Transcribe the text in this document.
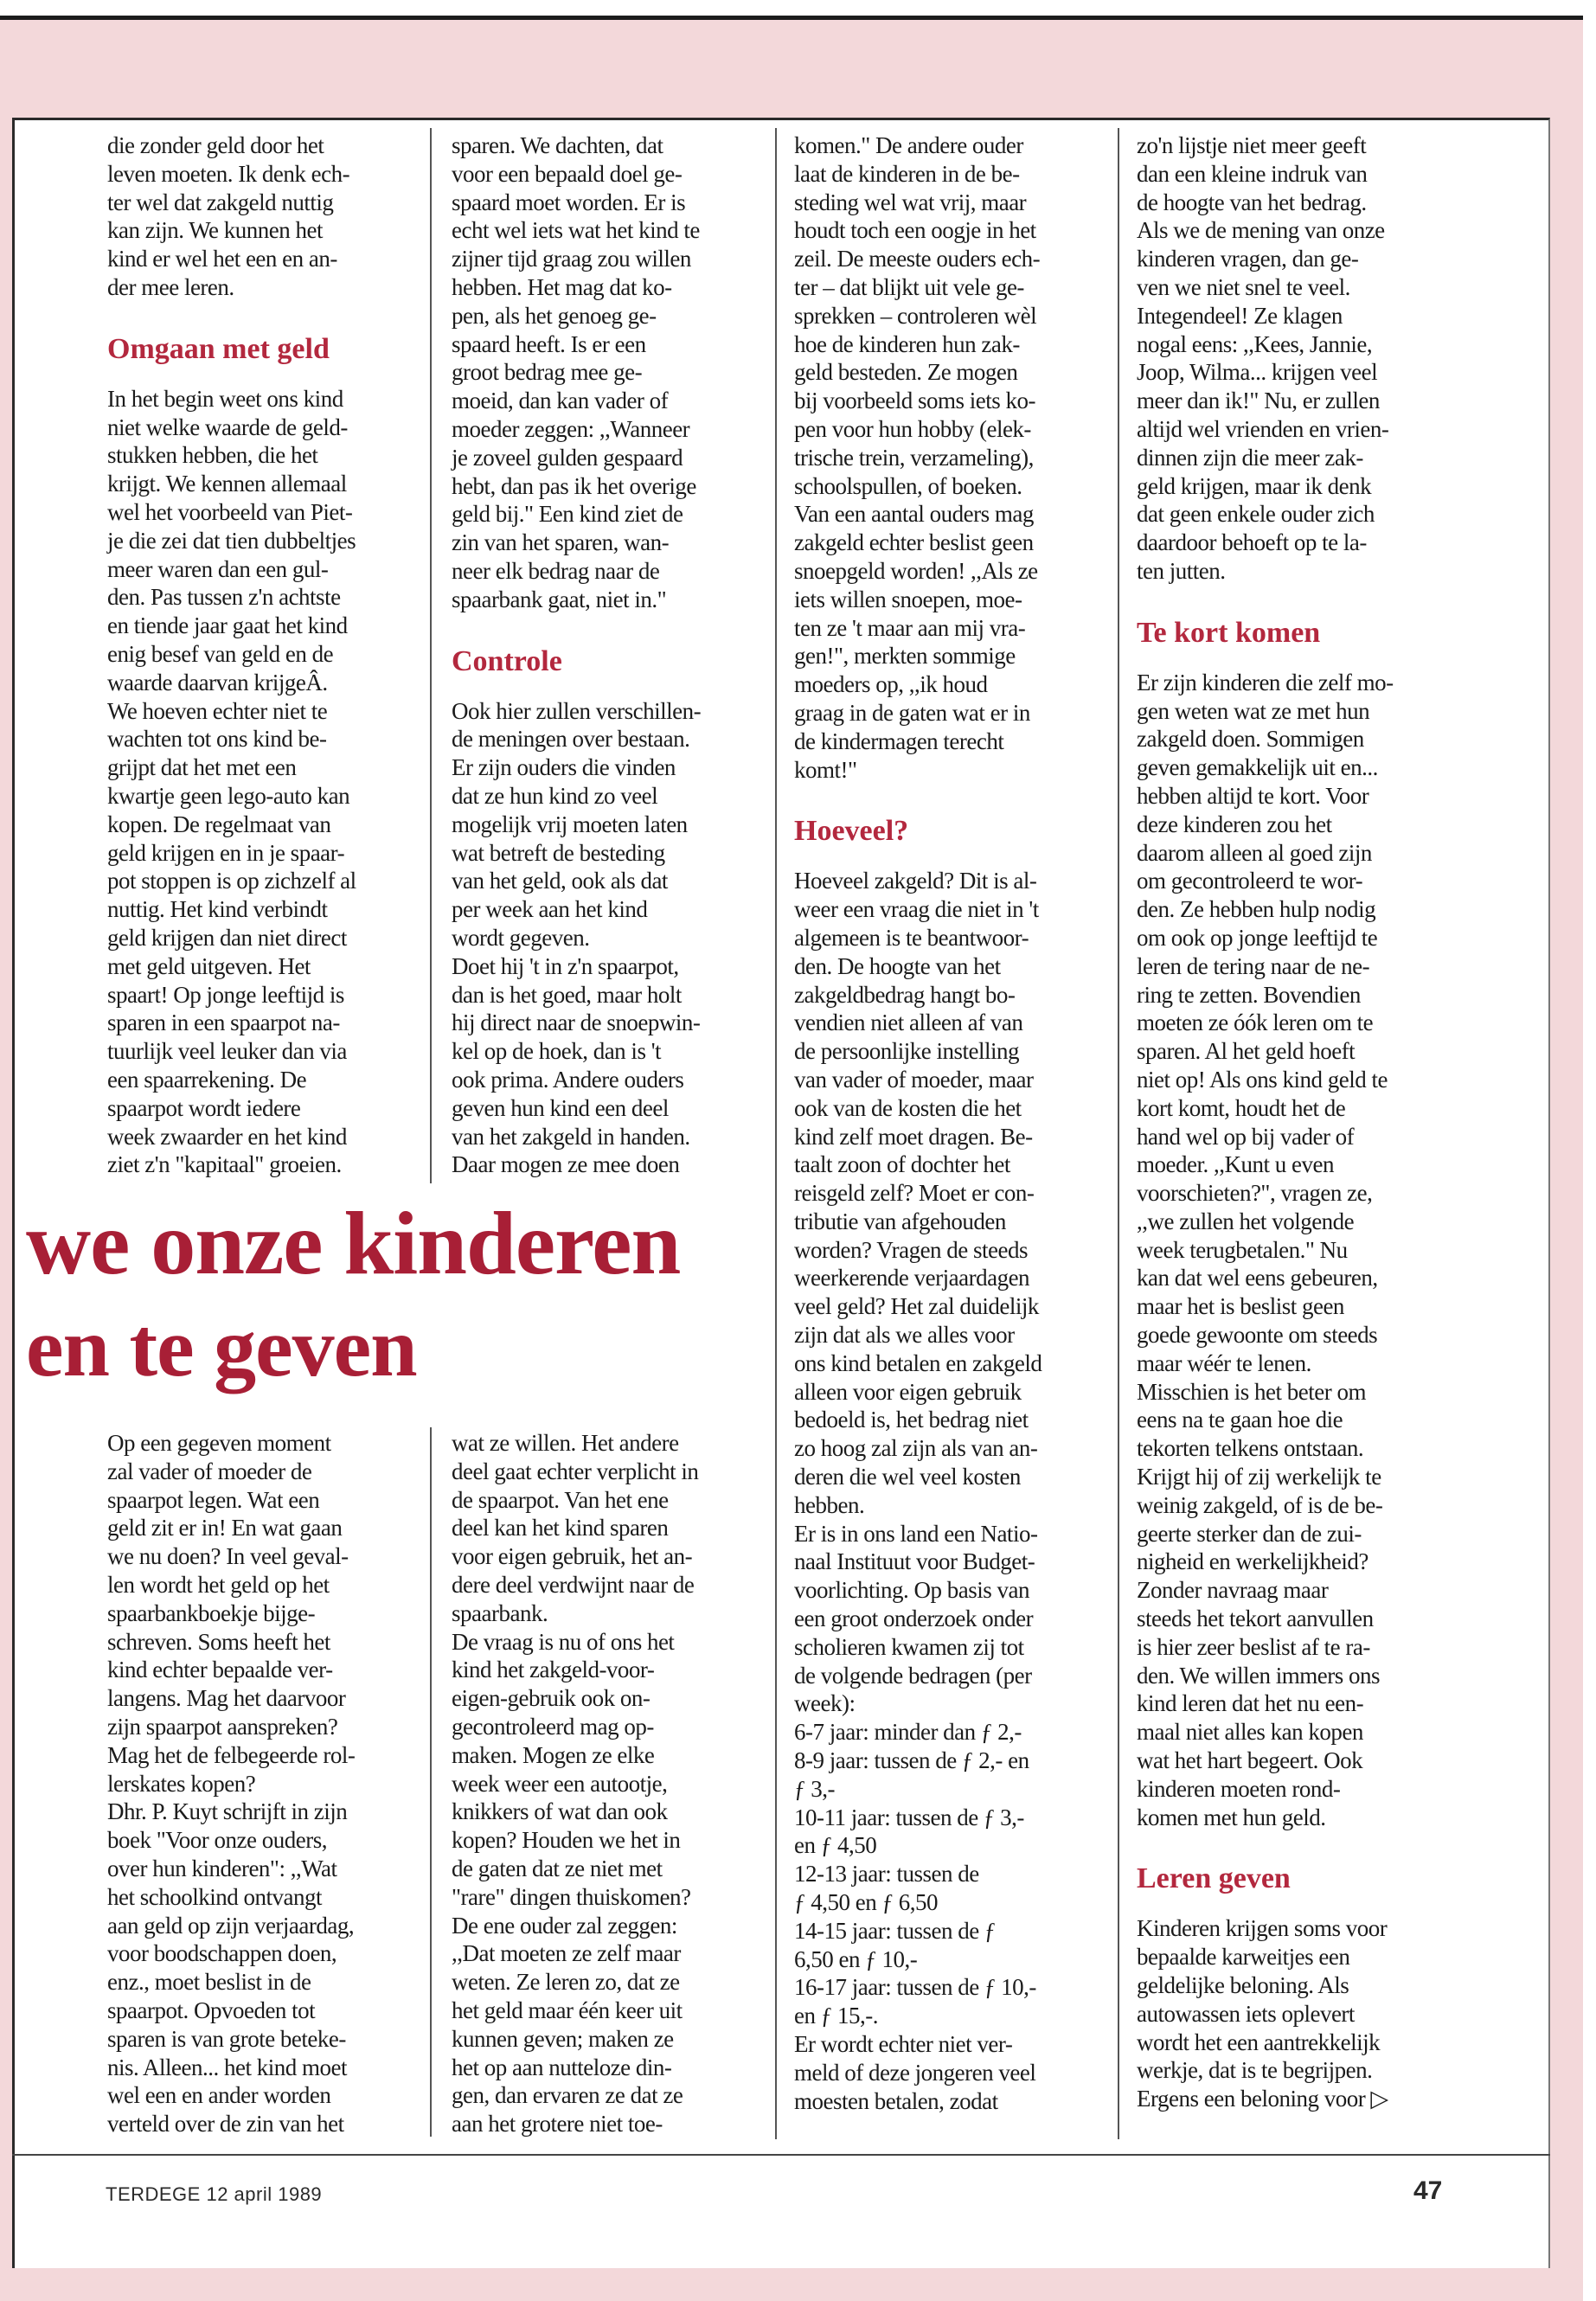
die zonder geld door het
leven moeten. Ik denk ech-
ter wel dat zakgeld nuttig
kan zijn. We kunnen het
kind er wel het een en an-
der mee leren.
Omgaan met geld
In het begin weet ons kind
niet welke waarde de geld-
stukken hebben, die het
krijgt. We kennen allemaal
wel het voorbeeld van Piet-
je die zei dat tien dubbeltjes
meer waren dan een gul-
den. Pas tussen z'n achtste
en tiende jaar gaat het kind
enig besef van geld en de
waarde daarvan krijgeÂ.
We hoeven echter niet te
wachten tot ons kind be-
grijpt dat het met een
kwartje geen lego-auto kan
kopen. De regelmaat van
geld krijgen en in je spaar-
pot stoppen is op zichzelf al
nuttig. Het kind verbindt
geld krijgen dan niet direct
met geld uitgeven. Het
spaart! Op jonge leeftijd is
sparen in een spaarpot na-
tuurlijk veel leuker dan via
een spaarrekening. De
spaarpot wordt iedere
week zwaarder en het kind
ziet z'n "kapitaal" groeien.
sparen. We dachten, dat
voor een bepaald doel ge-
spaard moet worden. Er is
echt wel iets wat het kind te
zijner tijd graag zou willen
hebben. Het mag dat ko-
pen, als het genoeg ge-
spaard heeft. Is er een
groot bedrag mee ge-
moeid, dan kan vader of
moeder zeggen: ,,Wanneer
je zoveel gulden gespaard
hebt, dan pas ik het overige
geld bij." Een kind ziet de
zin van het sparen, wan-
neer elk bedrag naar de
spaarbank gaat, niet in."
Controle
Ook hier zullen verschillen-
de meningen over bestaan.
Er zijn ouders die vinden
dat ze hun kind zo veel
mogelijk vrij moeten laten
wat betreft de besteding
van het geld, ook als dat
per week aan het kind
wordt gegeven.
Doet hij 't in z'n spaarpot,
dan is het goed, maar holt
hij direct naar de snoepwin-
kel op de hoek, dan is 't
ook prima. Andere ouders
geven hun kind een deel
van het zakgeld in handen.
Daar mogen ze mee doen
we onze kinderen
en te geven
Op een gegeven moment
zal vader of moeder de
spaarpot legen. Wat een
geld zit er in! En wat gaan
we nu doen? In veel geval-
len wordt het geld op het
spaarbankboekje bijge-
schreven. Soms heeft het
kind echter bepaalde ver-
langens. Mag het daarvoor
zijn spaarpot aanspreken?
Mag het de felbegeerde rol-
lerskates kopen?
Dhr. P. Kuyt schrijft in zijn
boek "Voor onze ouders,
over hun kinderen": ,,Wat
het schoolkind ontvangt
aan geld op zijn verjaardag,
voor boodschappen doen,
enz., moet beslist in de
spaarpot. Opvoeden tot
sparen is van grote beteke-
nis. Alleen... het kind moet
wel een en ander worden
verteld over de zin van het
wat ze willen. Het andere
deel gaat echter verplicht in
de spaarpot. Van het ene
deel kan het kind sparen
voor eigen gebruik, het an-
dere deel verdwijnt naar de
spaarbank.
De vraag is nu of ons het
kind het zakgeld-voor-
eigen-gebruik ook on-
gecontroleerd mag op-
maken. Mogen ze elke
week weer een autootje,
knikkers of wat dan ook
kopen? Houden we het in
de gaten dat ze niet met
"rare" dingen thuiskomen?
De ene ouder zal zeggen:
,,Dat moeten ze zelf maar
weten. Ze leren zo, dat ze
het geld maar één keer uit
kunnen geven; maken ze
het op aan nutteloze din-
gen, dan ervaren ze dat ze
aan het grotere niet toe-
komen." De andere ouder
laat de kinderen in de be-
steding wel wat vrij, maar
houdt toch een oogje in het
zeil. De meeste ouders ech-
ter – dat blijkt uit vele ge-
sprekken – controleren wèl
hoe de kinderen hun zak-
geld besteden. Ze mogen
bij voorbeeld soms iets ko-
pen voor hun hobby (elek-
trische trein, verzameling),
schoolspullen, of boeken.
Van een aantal ouders mag
zakgeld echter beslist geen
snoepgeld worden! ,,Als ze
iets willen snoepen, moe-
ten ze 't maar aan mij vra-
gen!", merkten sommige
moeders op, ,,ik houd
graag in de gaten wat er in
de kindermagen terecht
komt!"
Hoeveel?
Hoeveel zakgeld? Dit is al-
weer een vraag die niet in 't
algemeen is te beantwoor-
den. De hoogte van het
zakgeldbedrag hangt bo-
vendien niet alleen af van
de persoonlijke instelling
van vader of moeder, maar
ook van de kosten die het
kind zelf moet dragen. Be-
taalt zoon of dochter het
reisgeld zelf? Moet er con-
tributie van afgehouden
worden? Vragen de steeds
weerkerende verjaardagen
veel geld? Het zal duidelijk
zijn dat als we alles voor
ons kind betalen en zakgeld
alleen voor eigen gebruik
bedoeld is, het bedrag niet
zo hoog zal zijn als van an-
deren die wel veel kosten
hebben.
Er is in ons land een Natio-
naal Instituut voor Budget-
voorlichting. Op basis van
een groot onderzoek onder
scholieren kwamen zij tot
de volgende bedragen (per
week):
6-7 jaar: minder dan ƒ 2,-
8-9 jaar: tussen de ƒ 2,- en
ƒ 3,-
10-11 jaar: tussen de ƒ 3,-
en ƒ 4,50
12-13 jaar: tussen de
ƒ 4,50 en ƒ 6,50
14-15 jaar: tussen de ƒ
6,50 en ƒ 10,-
16-17 jaar: tussen de ƒ 10,-
en ƒ 15,-.
Er wordt echter niet ver-
meld of deze jongeren veel
moesten betalen, zodat
zo'n lijstje niet meer geeft
dan een kleine indruk van
de hoogte van het bedrag.
Als we de mening van onze
kinderen vragen, dan ge-
ven we niet snel te veel.
Integendeel! Ze klagen
nogal eens: ,,Kees, Jannie,
Joop, Wilma... krijgen veel
meer dan ik!" Nu, er zullen
altijd wel vrienden en vrien-
dinnen zijn die meer zak-
geld krijgen, maar ik denk
dat geen enkele ouder zich
daardoor behoeft op te la-
ten jutten.
Te kort komen
Er zijn kinderen die zelf mo-
gen weten wat ze met hun
zakgeld doen. Sommigen
geven gemakkelijk uit en...
hebben altijd te kort. Voor
deze kinderen zou het
daarom alleen al goed zijn
om gecontroleerd te wor-
den. Ze hebben hulp nodig
om ook op jonge leeftijd te
leren de tering naar de ne-
ring te zetten. Bovendien
moeten ze óók leren om te
sparen. Al het geld hoeft
niet op! Als ons kind geld te
kort komt, houdt het de
hand wel op bij vader of
moeder. ,,Kunt u even
voorschieten?", vragen ze,
,,we zullen het volgende
week terugbetalen." Nu
kan dat wel eens gebeuren,
maar het is beslist geen
goede gewoonte om steeds
maar wéér te lenen.
Misschien is het beter om
eens na te gaan hoe die
tekorten telkens ontstaan.
Krijgt hij of zij werkelijk te
weinig zakgeld, of is de be-
geerte sterker dan de zui-
nigheid en werkelijkheid?
Zonder navraag maar
steeds het tekort aanvullen
is hier zeer beslist af te ra-
den. We willen immers ons
kind leren dat het nu een-
maal niet alles kan kopen
wat het hart begeert. Ook
kinderen moeten rond-
komen met hun geld.
Leren geven
Kinderen krijgen soms voor
bepaalde karweitjes een
geldelijke beloning. Als
autowassen iets oplevert
wordt het een aantrekkelijk
werkje, dat is te begrijpen.
Ergens een beloning voor ▷
TERDEGE 12 april 1989	47
